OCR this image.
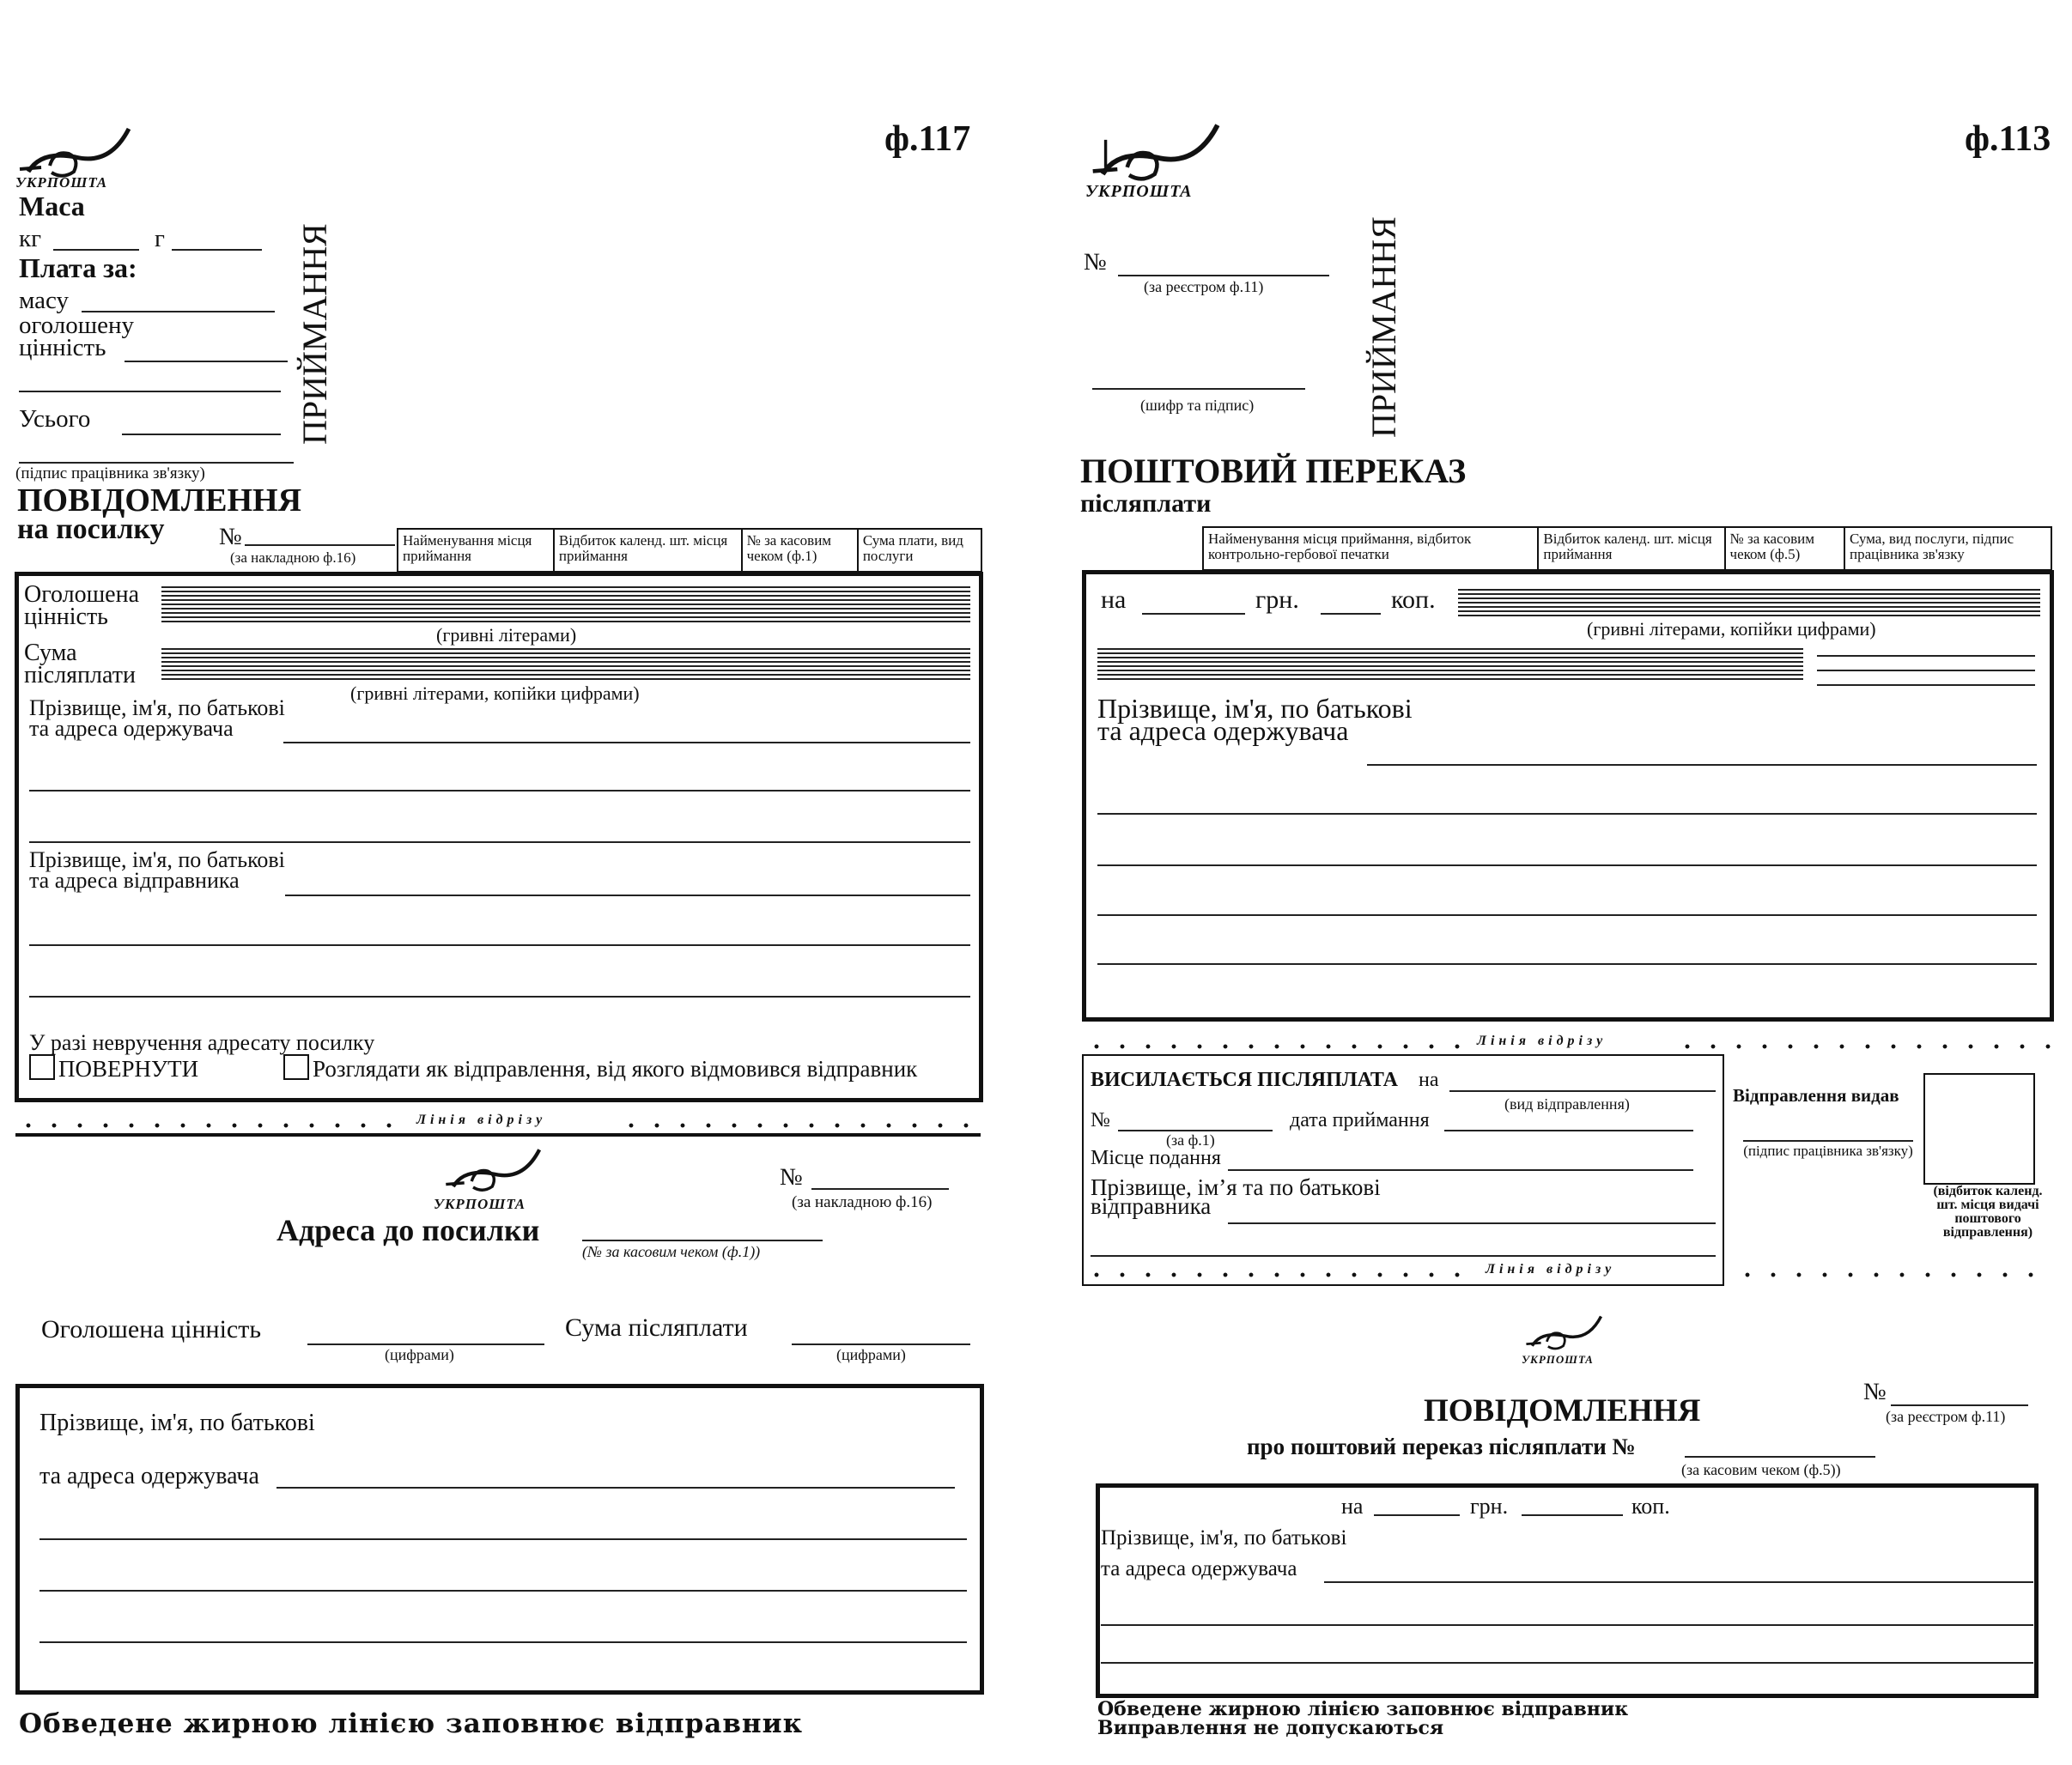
УКРПОШТА
ф.117
Маса
кг	г
Плата за:
масу
оголошену
цінність
Усього
(підпис працівника зв'язку)
ПРИЙМАННЯ
ПОВІДОМЛЕННЯ
на посилку	№
(за накладною ф.16)
Найменування місця приймання
Відбиток календ. шт. місця приймання
№ за касовим чеком (ф.1)
Сума плати, вид послуги
Оголошена
цінність
(гривні літерами)
Сума
післяплати
(гривні літерами, копійки цифрами)
Прізвище, ім'я, по батькові
та адреса одержувача
Прізвище, ім'я, по батькові
та адреса відправника
У разі невручення адресату посилку
ПОВЕРНУТИ	Розглядати як відправлення, від якого відмовився відправник
Лінія відрізу
УКРПОШТА
№
(за накладною ф.16)
Адреса до посилки
(№ за касовим чеком (ф.1))
Оголошена цінність
(цифрами)
Сума післяплати
(цифрами)
Прізвище, ім'я, по батькові
та адреса одержувача
Обведене жирною лінією заповнює відправник
УКРПОШТА
ф.113
№
(за реєстром ф.11)
(шифр та підпис)	ПРИЙМАННЯ
ПОШТОВИЙ ПЕРЕКАЗ
післяплати
Найменування місця приймання, відбиток контрольно-гербової печатки
Відбиток календ. шт. місця приймання
№ за касовим чеком (ф.5)
Сума, вид послуги, підпис працівника зв'язку
на	грн.	коп.
(гривні літерами, копійки цифрами)
Прізвище, ім'я, по батькові
та адреса одержувача
Лінія відрізу
ВИСИЛАЄТЬСЯ ПІСЛЯПЛАТА на
(вид відправлення)
№
(за ф.1)
дата приймання
Місце подання
Прізвище, ім’я та по батькові
відправника
Відправлення видав
(підпис працівника зв'язку)
(відбиток календ. шт. місця видачі поштового відправлення)
Лінія відрізу
УКРПОШТА
ПОВІДОМЛЕННЯ
№
(за реєстром ф.11)
про поштовий переказ післяплати №
(за касовим чеком (ф.5))
на	грн.	коп.
Прізвище, ім'я, по батькові
та адреса одержувача
Обведене жирною лінією заповнює відправник
Виправлення не допускаються
